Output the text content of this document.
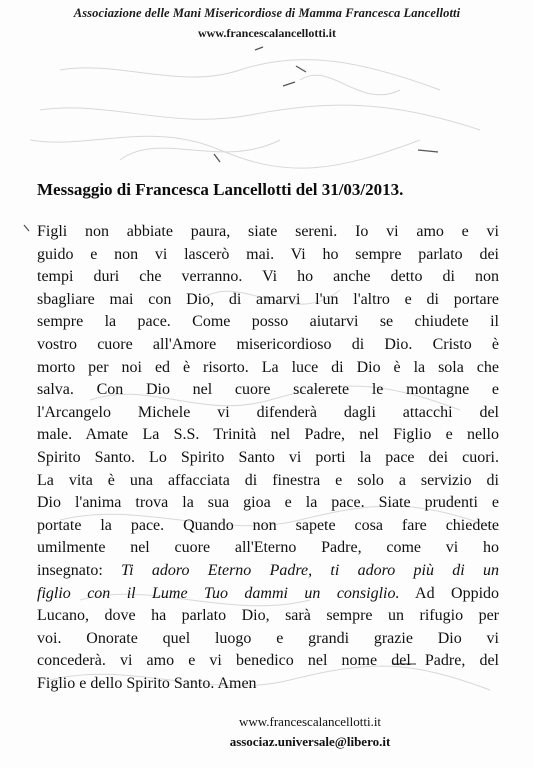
Associazione delle Mani Misericordiose di Mamma Francesca Lancellotti
www.francescalancellotti.it
Messaggio di Francesca Lancellotti del 31/03/2013.
Figli non abbiate paura, siate sereni. Io vi amo e vi
guido e non vi lascerò mai. Vi ho sempre parlato dei
tempi duri che verranno. Vi ho anche detto di non
sbagliare mai con Dio, di amarvi l'un l'altro e di portare
sempre la pace. Come posso aiutarvi se chiudete il
vostro cuore all'Amore misericordioso di Dio. Cristo è
morto per noi ed è risorto. La luce di Dio è la sola che
salva. Con Dio nel cuore scalerete le montagne e
l'Arcangelo Michele vi difenderà dagli attacchi del
male. Amate La S.S. Trinità nel Padre, nel Figlio e nello
Spirito Santo. Lo Spirito Santo vi porti la pace dei cuori.
La vita è una affacciata di finestra e solo a servizio di
Dio l'anima trova la sua gioa e la pace. Siate prudenti e
portate la pace. Quando non sapete cosa fare chiedete
umilmente nel cuore all'Eterno Padre, come vi ho
insegnato: Ti adoro Eterno Padre, ti adoro più di un
figlio con il Lume Tuo dammi un consiglio. Ad Oppido
Lucano, dove ha parlato Dio, sarà sempre un rifugio per
voi. Onorate quel luogo e grandi grazie Dio vi
concederà. vi amo e vi benedico nel nome del Padre, del
Figlio e dello Spirito Santo. Amen
www.francescalancellotti.it
associaz.universale@libero.it
